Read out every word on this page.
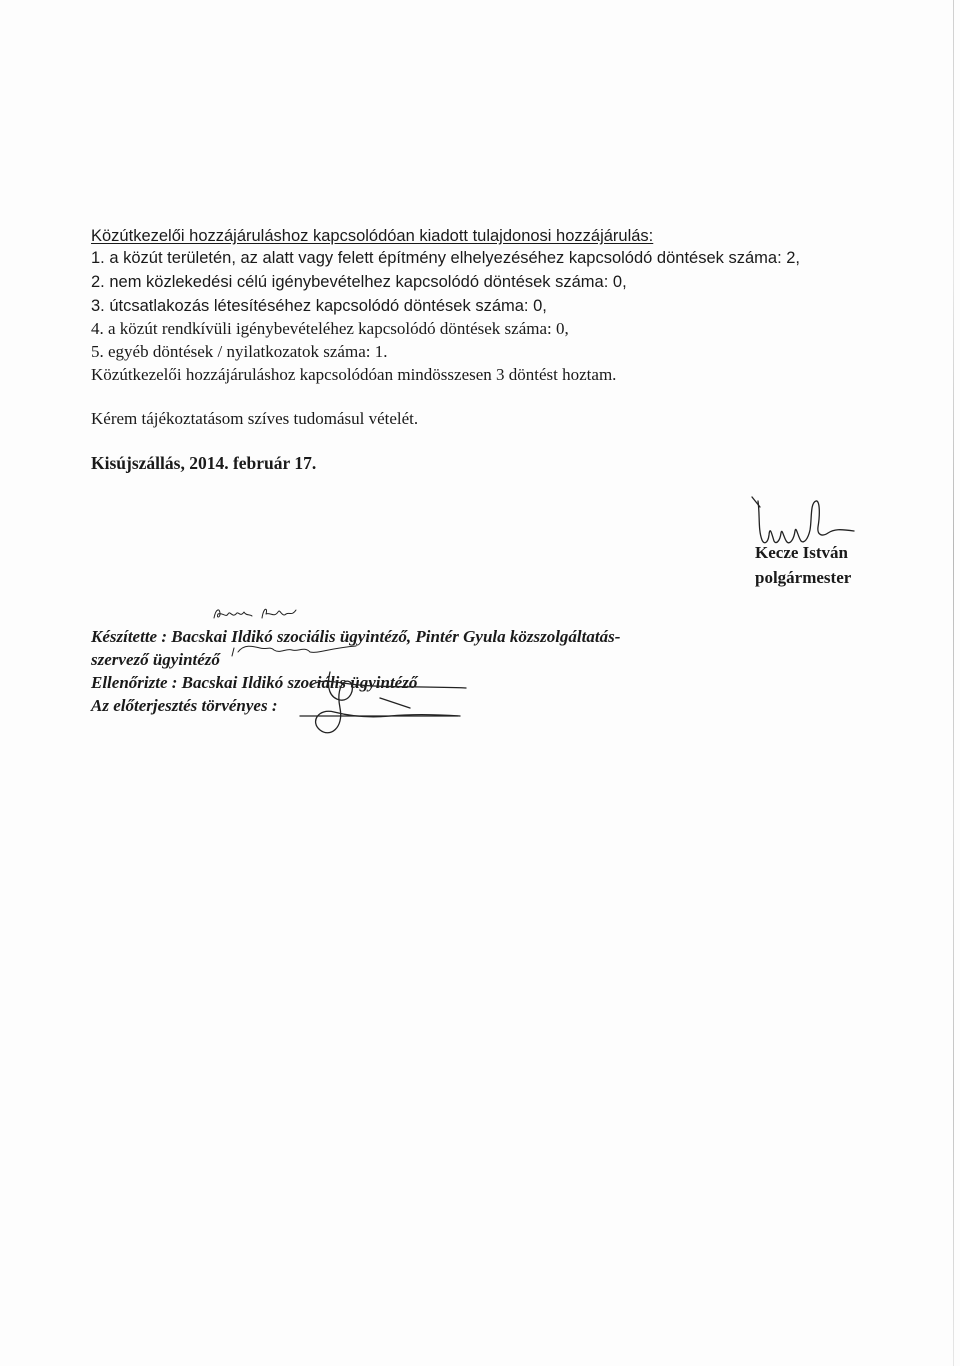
Közútkezelői hozzájáruláshoz kapcsolódóan kiadott tulajdonosi hozzájárulás:
1. a közút területén, az alatt vagy felett építmény elhelyezéséhez kapcsolódó döntések száma: 2,
2. nem közlekedési célú igénybevételhez kapcsolódó döntések száma: 0,
3. útcsatlakozás létesítéséhez kapcsolódó döntések száma: 0,
4. a közút rendkívüli igénybevételéhez kapcsolódó döntések száma: 0,
5. egyéb döntések / nyilatkozatok száma: 1.
Közútkezelői hozzájáruláshoz kapcsolódóan mindösszesen 3 döntést hoztam.
Kérem tájékoztatásom szíves tudomásul vételét.
Kisújszállás, 2014. február 17.
Kecze István
polgármester
Készítette : Bacskai Ildikó szociális ügyintéző, Pintér Gyula közszolgáltatás-
szervező ügyintéző
Ellenőrizte : Bacskai Ildikó szociális ügyintéző
Az előterjesztés törvényes :
